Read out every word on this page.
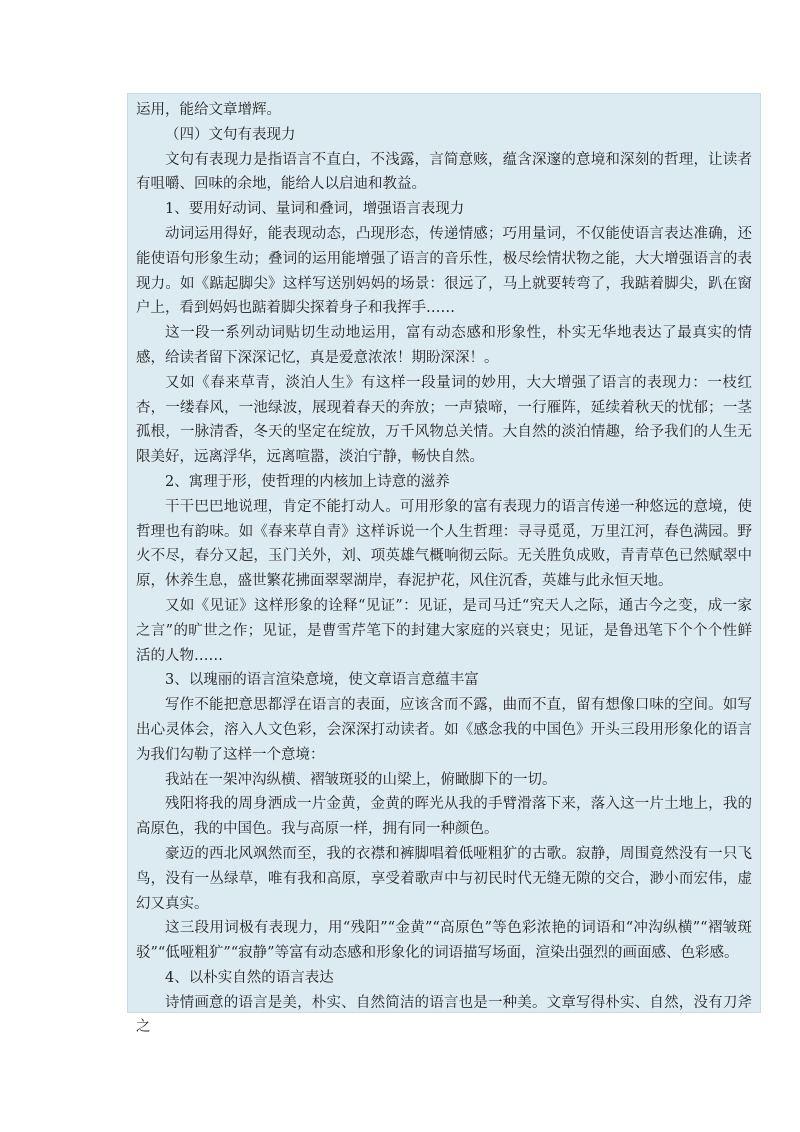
运用，能给文章增辉。

（四）文句有表现力

文句有表现力是指语言不直白，不浅露，言简意赅，蕴含深邃的意境和深刻的哲理，让读者有咀嚼、回味的余地，能给人以启迪和教益。

1、要用好动词、量词和叠词，增强语言表现力

动词运用得好，能表现动态，凸现形态，传递情感；巧用量词，不仅能使语言表达准确，还能使语句形象生动；叠词的运用能增强了语言的音乐性，极尽绘情状物之能，大大增强语言的表现力。如《踮起脚尖》这样写送别妈妈的场景：很远了，马上就要转弯了，我踮着脚尖，趴在窗户上，看到妈妈也踮着脚尖探着身子和我挥手……

这一段一系列动词贴切生动地运用，富有动态感和形象性，朴实无华地表达了最真实的情感，给读者留下深深记忆，真是爱意浓浓！期盼深深！。

又如《春来草青，淡泊人生》有这样一段量词的妙用，大大增强了语言的表现力：一枝红杏，一缕春风，一池绿波，展现着春天的奔放；一声猿啼，一行雁阵，延续着秋天的忧郁；一茎孤根，一脉清香，冬天的坚定在绽放，万千风物总关情。大自然的淡泊情趣，给予我们的人生无限美好，远离浮华，远离喧嚣，淡泊宁静，畅快自然。

2、寓理于形，使哲理的内核加上诗意的滋养

干干巴巴地说理，肯定不能打动人。可用形象的富有表现力的语言传递一种悠远的意境，使哲理也有韵味。如《春来草自青》这样诉说一个人生哲理：寻寻觅觅，万里江河，春色满园。野火不尽，春分又起，玉门关外，刘、项英雄气概响彻云际。无关胜负成败，青青草色已然赋翠中原，休养生息，盛世繁花拂面翠翠湖岸，春泥护花，风住沉香，英雄与此永恒天地。

又如《见证》这样形象的诠释“见证”：见证，是司马迁“究天人之际，通古今之变，成一家之言”的旷世之作；见证，是曹雪芹笔下的封建大家庭的兴衰史；见证，是鲁迅笔下个个个性鲜活的人物……

3、以瑰丽的语言渲染意境，使文章语言意蕴丰富

写作不能把意思都浮在语言的表面，应该含而不露，曲而不直，留有想像口味的空间。如写出心灵体会，溶入人文色彩，会深深打动读者。如《感念我的中国色》开头三段用形象化的语言为我们勾勒了这样一个意境：

我站在一架冲沟纵横、褶皱斑驳的山梁上，俯瞰脚下的一切。

残阳将我的周身洒成一片金黄，金黄的晖光从我的手臂滑落下来，落入这一片土地上，我的高原色，我的中国色。我与高原一样，拥有同一种颜色。

豪迈的西北风飒然而至，我的衣襟和裤脚唱着低哑粗犷的古歌。寂静，周围竟然没有一只飞鸟，没有一丛绿草，唯有我和高原，享受着歌声中与初民时代无缝无隙的交合，渺小而宏伟，虚幻又真实。

这三段用词极有表现力，用“残阳”“金黄”“高原色”等色彩浓艳的词语和“冲沟纵横”“褶皱斑驳”“低哑粗犷”“寂静”等富有动态感和形象化的词语描写场面，渲染出强烈的画面感、色彩感。

4、以朴实自然的语言表达

诗情画意的语言是美，朴实、自然简洁的语言也是一种美。文章写得朴实、自然，没有刀斧之
